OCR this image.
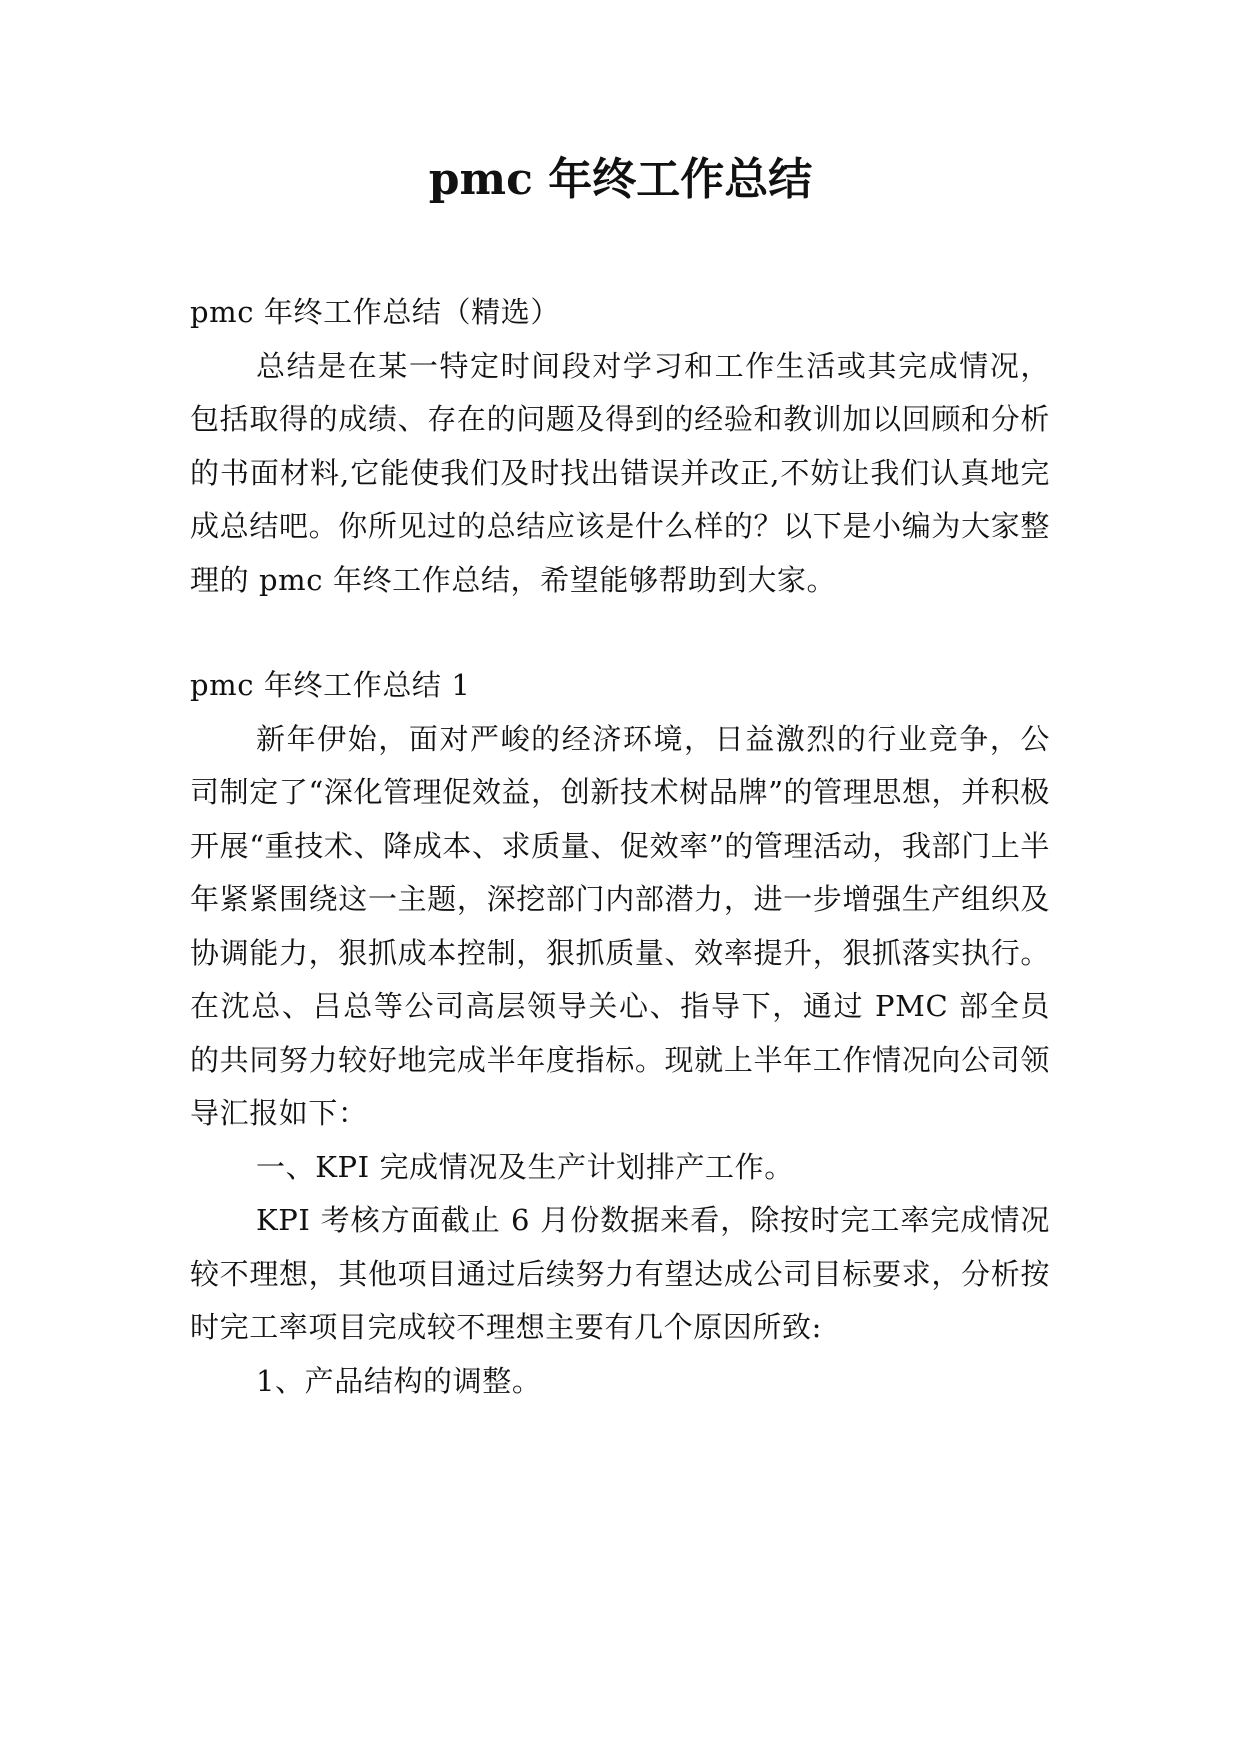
pmc 年终工作总结

pmc 年终工作总结（精选）

总结是在某一特定时间段对学习和工作生活或其完成情况，包括取得的成绩、存在的问题及得到的经验和教训加以回顾和分析的书面材料,它能使我们及时找出错误并改正,不妨让我们认真地完成总结吧。你所见过的总结应该是什么样的？以下是小编为大家整理的 pmc 年终工作总结，希望能够帮助到大家。

pmc 年终工作总结 1

新年伊始，面对严峻的经济环境，日益激烈的行业竞争，公司制定了“深化管理促效益，创新技术树品牌”的管理思想，并积极开展“重技术、降成本、求质量、促效率”的管理活动，我部门上半年紧紧围绕这一主题，深挖部门内部潜力，进一步增强生产组织及协调能力，狠抓成本控制，狠抓质量、效率提升，狠抓落实执行。在沈总、吕总等公司高层领导关心、指导下，通过 PMC 部全员的共同努力较好地完成半年度指标。现就上半年工作情况向公司领导汇报如下：

一、KPI 完成情况及生产计划排产工作。

KPI 考核方面截止 6 月份数据来看，除按时完工率完成情况较不理想，其他项目通过后续努力有望达成公司目标要求，分析按时完工率项目完成较不理想主要有几个原因所致:

1、产品结构的调整。
